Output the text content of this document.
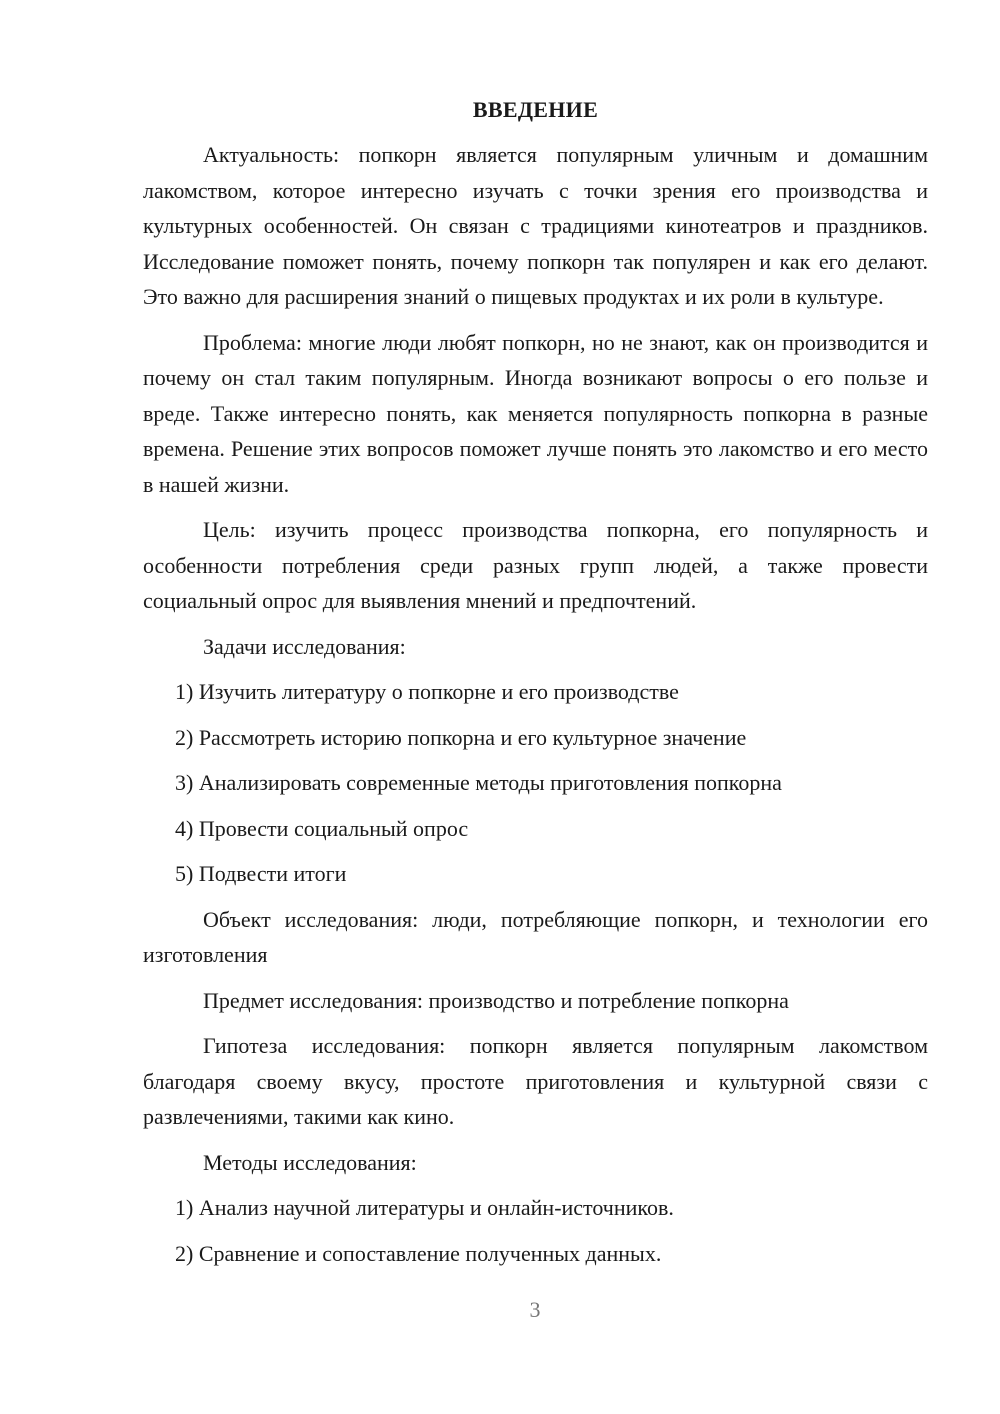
ВВЕДЕНИЕ

Актуальность: попкорн является популярным уличным и домашним лакомством, которое интересно изучать с точки зрения его производства и культурных особенностей. Он связан с традициями кинотеатров и праздников. Исследование поможет понять, почему попкорн так популярен и как его делают. Это важно для расширения знаний о пищевых продуктах и их роли в культуре.

Проблема: многие люди любят попкорн, но не знают, как он производится и почему он стал таким популярным. Иногда возникают вопросы о его пользе и вреде. Также интересно понять, как меняется популярность попкорна в разные времена. Решение этих вопросов поможет лучше понять это лакомство и его место в нашей жизни.

Цель: изучить процесс производства попкорна, его популярность и особенности потребления среди разных групп людей, а также провести социальный опрос для выявления мнений и предпочтений.

Задачи исследования:

1) Изучить литературу о попкорне и его производстве
2) Рассмотреть историю попкорна и его культурное значение
3) Анализировать современные методы приготовления попкорна
4) Провести социальный опрос
5) Подвести итоги

Объект исследования: люди, потребляющие попкорн, и технологии его изготовления

Предмет исследования: производство и потребление попкорна

Гипотеза исследования: попкорн является популярным лакомством благодаря своему вкусу, простоте приготовления и культурной связи с развлечениями, такими как кино.

Методы исследования:

1) Анализ научной литературы и онлайн-источников.
2) Сравнение и сопоставление полученных данных.
3
